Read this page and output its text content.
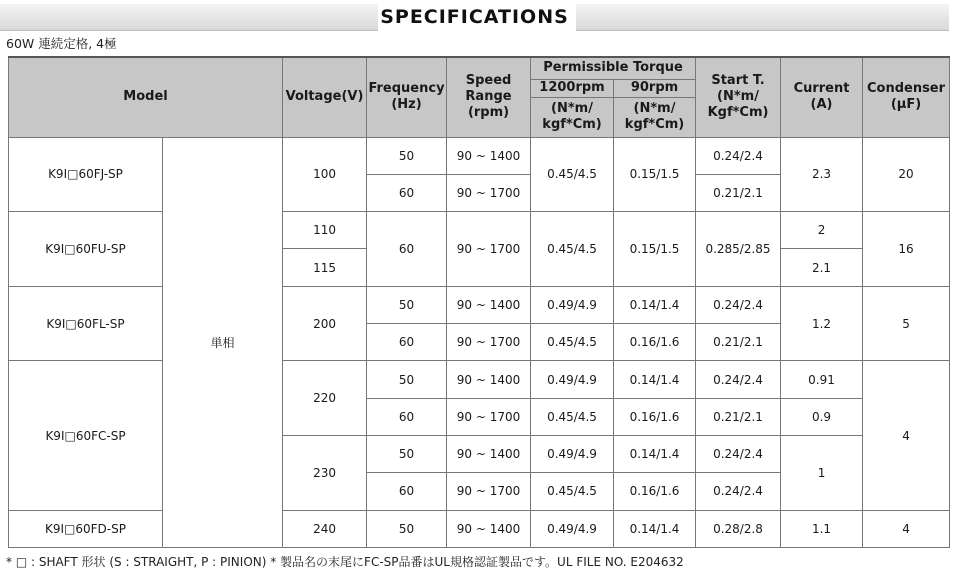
SPECIFICATIONS
60W 連続定格, 4極
Model		Voltage(V)	Frequency (Hz)	Speed Range (rpm)	Permissible Torque		Start T. (N*m/ Kgf*Cm)	Current (A)	Condenser (µF)
					1200rpm	90rpm			
					(N*m/ kgf*Cm)	(N*m/ kgf*Cm)			
K9I□60FJ-SP	単相	100	50	90 ~ 1400	0.45/4.5	0.15/1.5	0.24/2.4	2.3	20
			60	90 ~ 1700			0.21/2.1		
K9I□60FU-SP		110	60	90 ~ 1700	0.45/4.5	0.15/1.5	0.285/2.85	2	16
		115						2.1	
K9I□60FL-SP		200	50	90 ~ 1400	0.49/4.9	0.14/1.4	0.24/2.4	1.2	5
			60	90 ~ 1700	0.45/4.5	0.16/1.6	0.21/2.1		
K9I□60FC-SP		220	50	90 ~ 1400	0.49/4.9	0.14/1.4	0.24/2.4	0.91	4
			60	90 ~ 1700	0.45/4.5	0.16/1.6	0.21/2.1	0.9	
		230	50	90 ~ 1400	0.49/4.9	0.14/1.4	0.24/2.4	1	
			60	90 ~ 1700	0.45/4.5	0.16/1.6	0.24/2.4		
K9I□60FD-SP		240	50	90 ~ 1400	0.49/4.9	0.14/1.4	0.28/2.8	1.1	4
* □ : SHAFT 形状 (S : STRAIGHT, P : PINION) * 製品名の末尾にFC-SP品番はUL規格認証製品です。UL FILE NO. E204632
